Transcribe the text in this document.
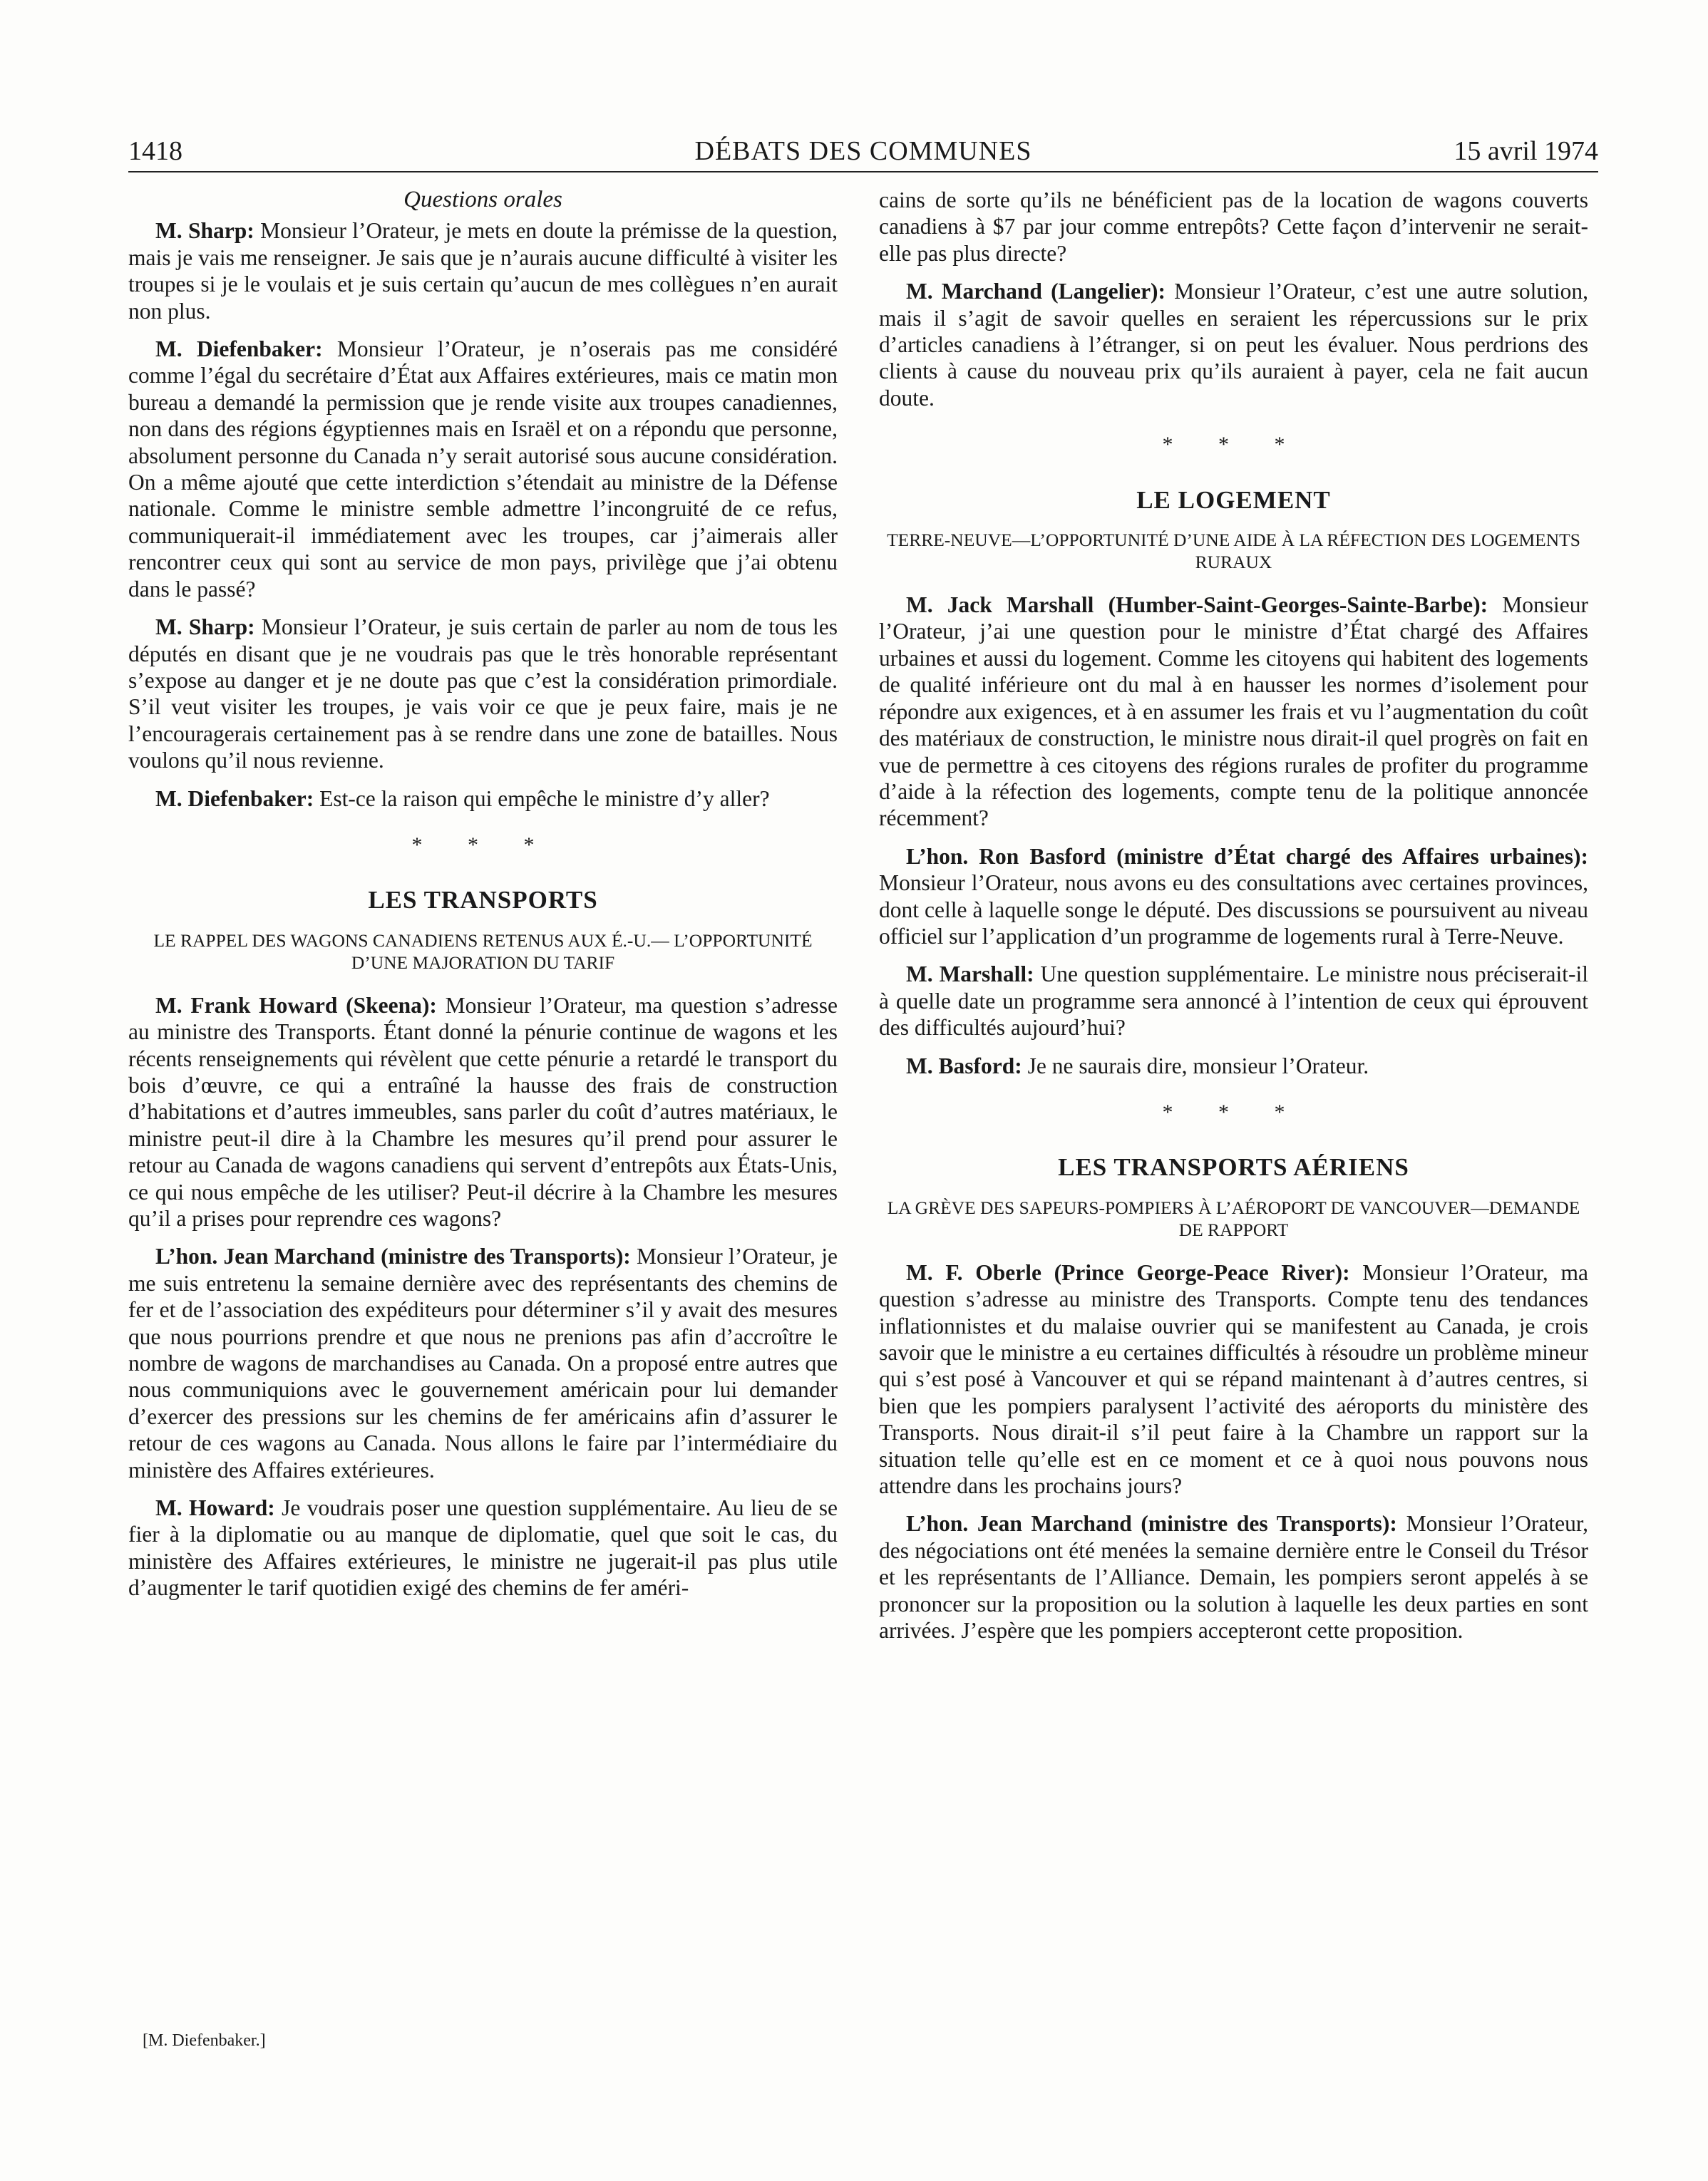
1418	DÉBATS DES COMMUNES	15 avril 1974
Questions orales

M. Sharp: Monsieur l’Orateur, je mets en doute la prémisse de la question, mais je vais me renseigner. Je sais que je n’aurais aucune difficulté à visiter les troupes si je le voulais et je suis certain qu’aucun de mes collègues n’en aurait non plus.

M. Diefenbaker: Monsieur l’Orateur, je n’oserais pas me considéré comme l’égal du secrétaire d’État aux Affaires extérieures, mais ce matin mon bureau a demandé la permission que je rende visite aux troupes canadiennes, non dans des régions égyptiennes mais en Israël et on a répondu que personne, absolument personne du Canada n’y serait autorisé sous aucune considération. On a même ajouté que cette interdiction s’étendait au ministre de la Défense nationale. Comme le ministre semble admettre l’incongruité de ce refus, communiquerait-il immédiatement avec les troupes, car j’aimerais aller rencontrer ceux qui sont au service de mon pays, privilège que j’ai obtenu dans le passé?

M. Sharp: Monsieur l’Orateur, je suis certain de parler au nom de tous les députés en disant que je ne voudrais pas que le très honorable représentant s’expose au danger et je ne doute pas que c’est la considération primordiale. S’il veut visiter les troupes, je vais voir ce que je peux faire, mais je ne l’encouragerais certainement pas à se rendre dans une zone de batailles. Nous voulons qu’il nous revienne.

M. Diefenbaker: Est-ce la raison qui empêche le ministre d’y aller?

* * *
LES TRANSPORTS
LE RAPPEL DES WAGONS CANADIENS RETENUS AUX É.-U.— L’OPPORTUNITÉ D’UNE MAJORATION DU TARIF

M. Frank Howard (Skeena): Monsieur l’Orateur, ma question s’adresse au ministre des Transports. Étant donné la pénurie continue de wagons et les récents renseignements qui révèlent que cette pénurie a retardé le transport du bois d’œuvre, ce qui a entraîné la hausse des frais de construction d’habitations et d’autres immeubles, sans parler du coût d’autres matériaux, le ministre peut-il dire à la Chambre les mesures qu’il prend pour assurer le retour au Canada de wagons canadiens qui servent d’entrepôts aux États-Unis, ce qui nous empêche de les utiliser? Peut-il décrire à la Chambre les mesures qu’il a prises pour reprendre ces wagons?

L’hon. Jean Marchand (ministre des Transports): Monsieur l’Orateur, je me suis entretenu la semaine dernière avec des représentants des chemins de fer et de l’association des expéditeurs pour déterminer s’il y avait des mesures que nous pourrions prendre et que nous ne prenions pas afin d’accroître le nombre de wagons de marchandises au Canada. On a proposé entre autres que nous communiquions avec le gouvernement américain pour lui demander d’exercer des pressions sur les chemins de fer américains afin d’assurer le retour de ces wagons au Canada. Nous allons le faire par l’intermédiaire du ministère des Affaires extérieures.

M. Howard: Je voudrais poser une question supplémentaire. Au lieu de se fier à la diplomatie ou au manque de diplomatie, quel que soit le cas, du ministère des Affaires extérieures, le ministre ne jugerait-il pas plus utile d’augmenter le tarif quotidien exigé des chemins de fer améri-

[M. Diefenbaker.]

cains de sorte qu’ils ne bénéficient pas de la location de wagons couverts canadiens à $7 par jour comme entrepôts? Cette façon d’intervenir ne serait-elle pas plus directe?

M. Marchand (Langelier): Monsieur l’Orateur, c’est une autre solution, mais il s’agit de savoir quelles en seraient les répercussions sur le prix d’articles canadiens à l’étranger, si on peut les évaluer. Nous perdrions des clients à cause du nouveau prix qu’ils auraient à payer, cela ne fait aucun doute.

* * *
LE LOGEMENT
TERRE-NEUVE—L’OPPORTUNITÉ D’UNE AIDE À LA RÉFECTION DES LOGEMENTS RURAUX

M. Jack Marshall (Humber-Saint-Georges-Sainte-Barbe): Monsieur l’Orateur, j’ai une question pour le ministre d’État chargé des Affaires urbaines et aussi du logement. Comme les citoyens qui habitent des logements de qualité inférieure ont du mal à en hausser les normes d’isolement pour répondre aux exigences, et à en assumer les frais et vu l’augmentation du coût des matériaux de construction, le ministre nous dirait-il quel progrès on fait en vue de permettre à ces citoyens des régions rurales de profiter du programme d’aide à la réfection des logements, compte tenu de la politique annoncée récemment?

L’hon. Ron Basford (ministre d’État chargé des Affaires urbaines): Monsieur l’Orateur, nous avons eu des consultations avec certaines provinces, dont celle à laquelle songe le député. Des discussions se poursuivent au niveau officiel sur l’application d’un programme de logements rural à Terre-Neuve.

M. Marshall: Une question supplémentaire. Le ministre nous préciserait-il à quelle date un programme sera annoncé à l’intention de ceux qui éprouvent des difficultés aujourd’hui?

M. Basford: Je ne saurais dire, monsieur l’Orateur.

* * *
LES TRANSPORTS AÉRIENS
LA GRÈVE DES SAPEURS-POMPIERS À L’AÉROPORT DE VANCOUVER—DEMANDE DE RAPPORT

M. F. Oberle (Prince George-Peace River): Monsieur l’Orateur, ma question s’adresse au ministre des Transports. Compte tenu des tendances inflationnistes et du malaise ouvrier qui se manifestent au Canada, je crois savoir que le ministre a eu certaines difficultés à résoudre un problème mineur qui s’est posé à Vancouver et qui se répand maintenant à d’autres centres, si bien que les pompiers paralysent l’activité des aéroports du ministère des Transports. Nous dirait-il s’il peut faire à la Chambre un rapport sur la situation telle qu’elle est en ce moment et ce à quoi nous pouvons nous attendre dans les prochains jours?

L’hon. Jean Marchand (ministre des Transports): Monsieur l’Orateur, des négociations ont été menées la semaine dernière entre le Conseil du Trésor et les représentants de l’Alliance. Demain, les pompiers seront appelés à se prononcer sur la proposition ou la solution à laquelle les deux parties en sont arrivées. J’espère que les pompiers accepteront cette proposition.
